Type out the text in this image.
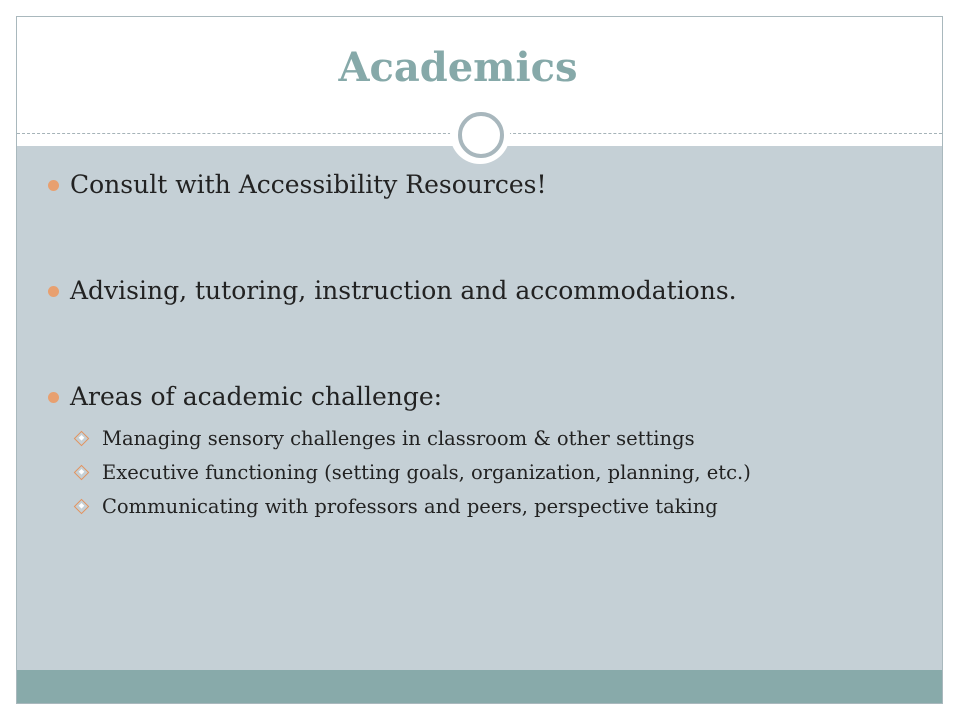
Academics
Consult with Accessibility Resources!
Advising, tutoring, instruction and accommodations.
Areas of academic challenge:
Managing sensory challenges in classroom & other settings
Executive functioning (setting goals, organization, planning, etc.)
Communicating with professors and peers, perspective taking
